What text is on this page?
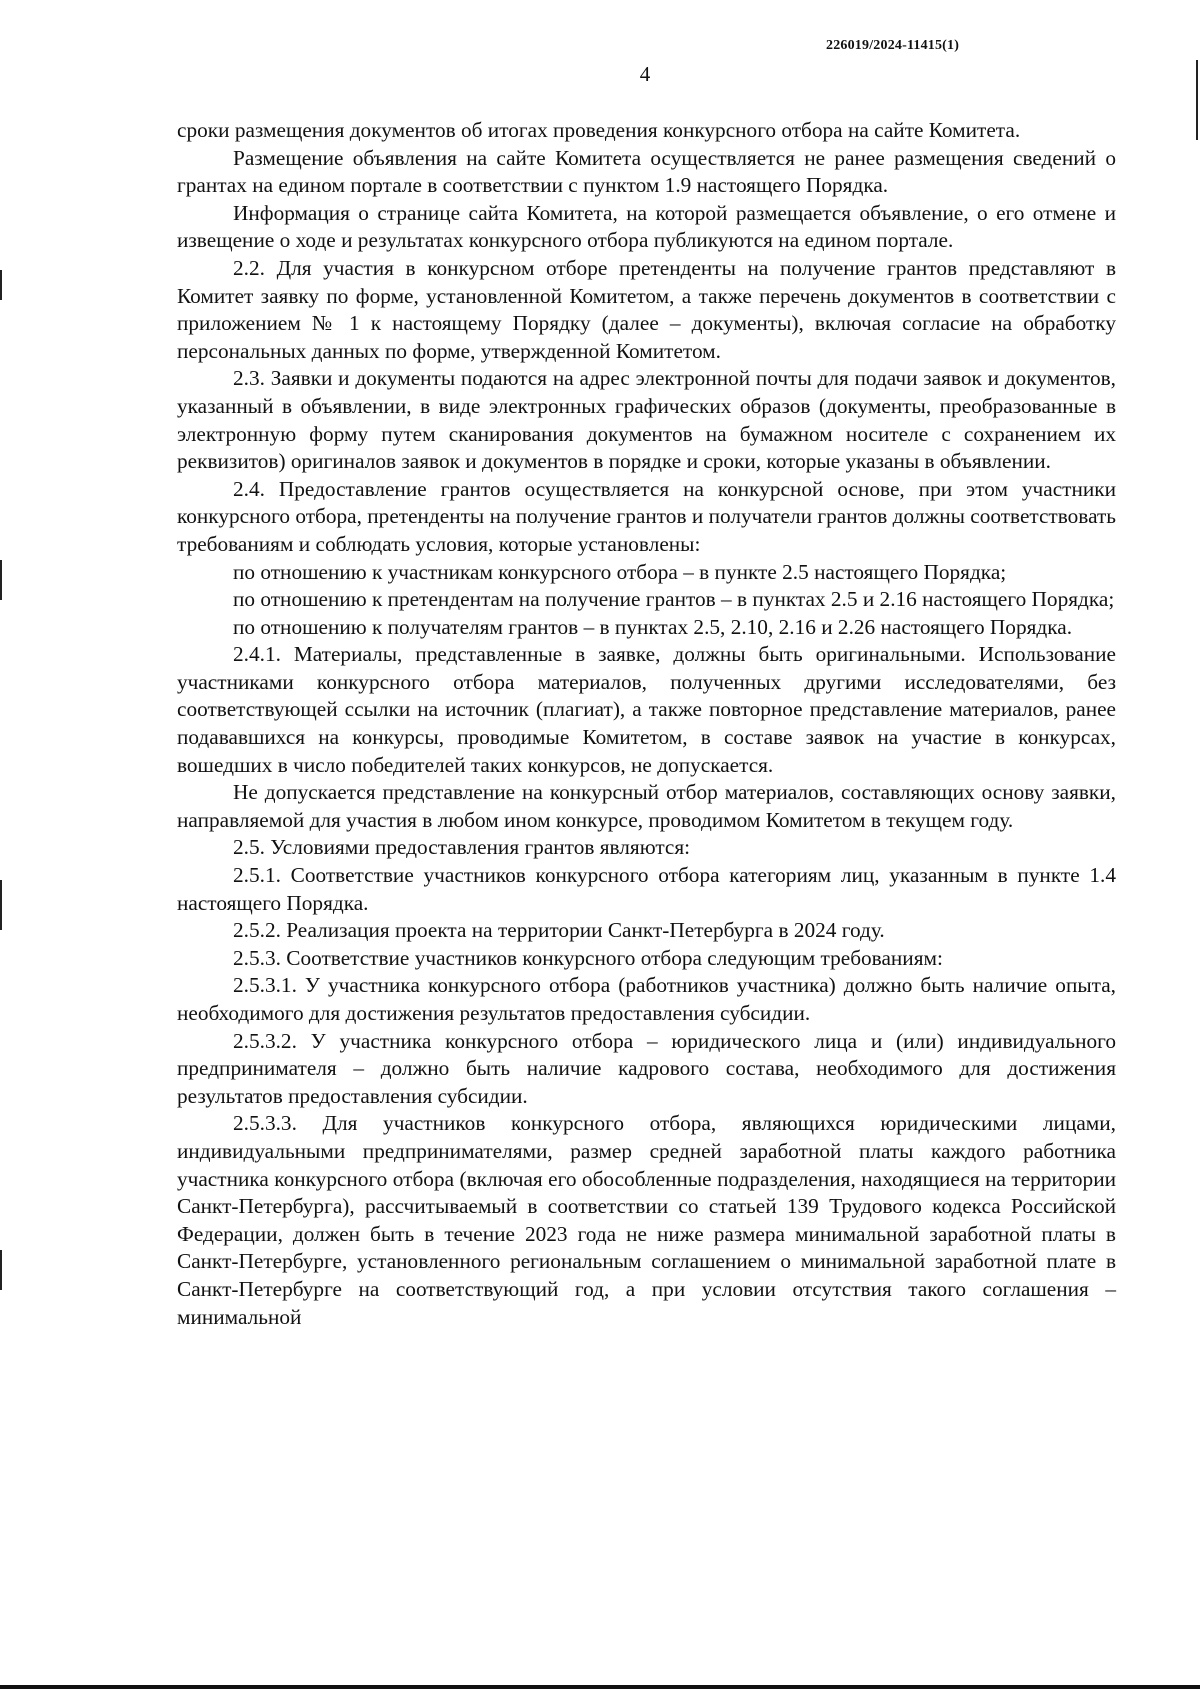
226019/2024-11415(1)
4

сроки размещения документов об итогах проведения конкурсного отбора на сайте Комитета.

Размещение объявления на сайте Комитета осуществляется не ранее размещения сведений о грантах на едином портале в соответствии с пунктом 1.9 настоящего Порядка.

Информация о странице сайта Комитета, на которой размещается объявление, о его отмене и извещение о ходе и результатах конкурсного отбора публикуются на едином портале.

2.2. Для участия в конкурсном отборе претенденты на получение грантов представляют в Комитет заявку по форме, установленной Комитетом, а также перечень документов в соответствии с приложением № 1 к настоящему Порядку (далее – документы), включая согласие на обработку персональных данных по форме, утвержденной Комитетом.

2.3. Заявки и документы подаются на адрес электронной почты для подачи заявок и документов, указанный в объявлении, в виде электронных графических образов (документы, преобразованные в электронную форму путем сканирования документов на бумажном носителе с сохранением их реквизитов) оригиналов заявок и документов в порядке и сроки, которые указаны в объявлении.

2.4. Предоставление грантов осуществляется на конкурсной основе, при этом участники конкурсного отбора, претенденты на получение грантов и получатели грантов должны соответствовать требованиям и соблюдать условия, которые установлены:

по отношению к участникам конкурсного отбора – в пункте 2.5 настоящего Порядка;

по отношению к претендентам на получение грантов – в пунктах 2.5 и 2.16 настоящего Порядка;

по отношению к получателям грантов – в пунктах 2.5, 2.10, 2.16 и 2.26 настоящего Порядка.

2.4.1. Материалы, представленные в заявке, должны быть оригинальными. Использование участниками конкурсного отбора материалов, полученных другими исследователями, без соответствующей ссылки на источник (плагиат), а также повторное представление материалов, ранее подававшихся на конкурсы, проводимые Комитетом, в составе заявок на участие в конкурсах, вошедших в число победителей таких конкурсов, не допускается.

Не допускается представление на конкурсный отбор материалов, составляющих основу заявки, направляемой для участия в любом ином конкурсе, проводимом Комитетом в текущем году.

2.5. Условиями предоставления грантов являются:

2.5.1. Соответствие участников конкурсного отбора категориям лиц, указанным в пункте 1.4 настоящего Порядка.

2.5.2. Реализация проекта на территории Санкт-Петербурга в 2024 году.

2.5.3. Соответствие участников конкурсного отбора следующим требованиям:

2.5.3.1. У участника конкурсного отбора (работников участника) должно быть наличие опыта, необходимого для достижения результатов предоставления субсидии.

2.5.3.2. У участника конкурсного отбора – юридического лица и (или) индивидуального предпринимателя – должно быть наличие кадрового состава, необходимого для достижения результатов предоставления субсидии.

2.5.3.3. Для участников конкурсного отбора, являющихся юридическими лицами, индивидуальными предпринимателями, размер средней заработной платы каждого работника участника конкурсного отбора (включая его обособленные подразделения, находящиеся на территории Санкт-Петербурга), рассчитываемый в соответствии со статьей 139 Трудового кодекса Российской Федерации, должен быть в течение 2023 года не ниже размера минимальной заработной платы в Санкт-Петербурге, установленного региональным соглашением о минимальной заработной плате в Санкт-Петербурге на соответствующий год, а при условии отсутствия такого соглашения – минимальной
